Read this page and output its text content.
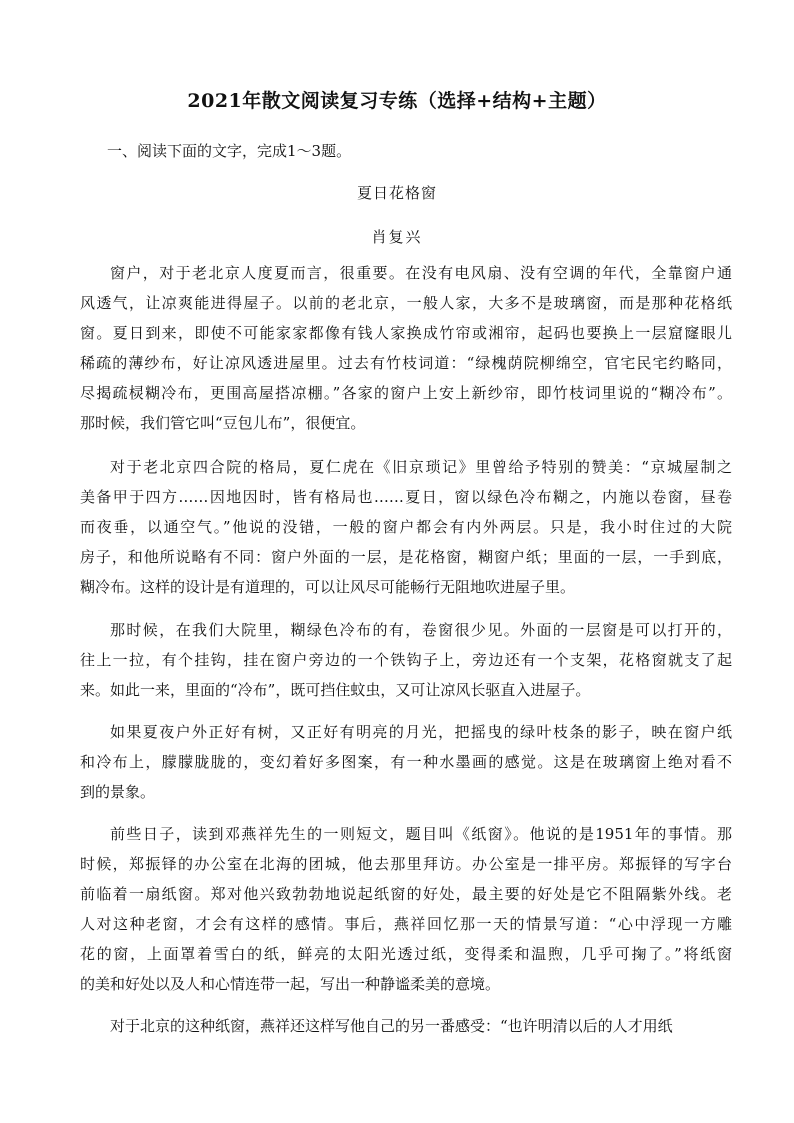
2021年散文阅读复习专练（选择+结构+主题）
一、阅读下面的文字，完成1～3题。
夏日花格窗
肖复兴
窗户，对于老北京人度夏而言，很重要。在没有电风扇、没有空调的年代，全靠窗户通
风透气，让凉爽能进得屋子。以前的老北京，一般人家，大多不是玻璃窗，而是那种花格纸
窗。夏日到来，即使不可能家家都像有钱人家换成竹帘或湘帘，起码也要换上一层窟窿眼儿
稀疏的薄纱布，好让凉风透进屋里。过去有竹枝词道：“绿槐荫院柳绵空，官宅民宅约略同，
尽揭疏棂糊冷布，更围高屋搭凉棚。”各家的窗户上安上新纱帘，即竹枝词里说的“糊冷布”。
那时候，我们管它叫“豆包儿布”，很便宜。
对于老北京四合院的格局，夏仁虎在《旧京琐记》里曾给予特别的赞美：“京城屋制之
美备甲于四方……因地因时，皆有格局也……夏日，窗以绿色冷布糊之，内施以卷窗，昼卷
而夜垂，以通空气。”他说的没错，一般的窗户都会有内外两层。只是，我小时住过的大院
房子，和他所说略有不同：窗户外面的一层，是花格窗，糊窗户纸；里面的一层，一手到底，
糊冷布。这样的设计是有道理的，可以让风尽可能畅行无阻地吹进屋子里。
那时候，在我们大院里，糊绿色冷布的有，卷窗很少见。外面的一层窗是可以打开的，
往上一拉，有个挂钩，挂在窗户旁边的一个铁钩子上，旁边还有一个支架，花格窗就支了起
来。如此一来，里面的“冷布”，既可挡住蚊虫，又可让凉风长驱直入进屋子。
如果夏夜户外正好有树，又正好有明亮的月光，把摇曳的绿叶枝条的影子，映在窗户纸
和冷布上，朦朦胧胧的，变幻着好多图案，有一种水墨画的感觉。这是在玻璃窗上绝对看不
到的景象。
前些日子，读到邓燕祥先生的一则短文，题目叫《纸窗》。他说的是1951年的事情。那
时候，郑振铎的办公室在北海的团城，他去那里拜访。办公室是一排平房。郑振铎的写字台
前临着一扇纸窗。郑对他兴致勃勃地说起纸窗的好处，最主要的好处是它不阻隔紫外线。老
人对这种老窗，才会有这样的感情。事后，燕祥回忆那一天的情景写道：“心中浮现一方雕
花的窗，上面罩着雪白的纸，鲜亮的太阳光透过纸，变得柔和温煦，几乎可掬了。”将纸窗
的美和好处以及人和心情连带一起，写出一种静谧柔美的意境。
对于北京的这种纸窗，燕祥还这样写他自己的另一番感受：“也许明清以后的人才用纸
